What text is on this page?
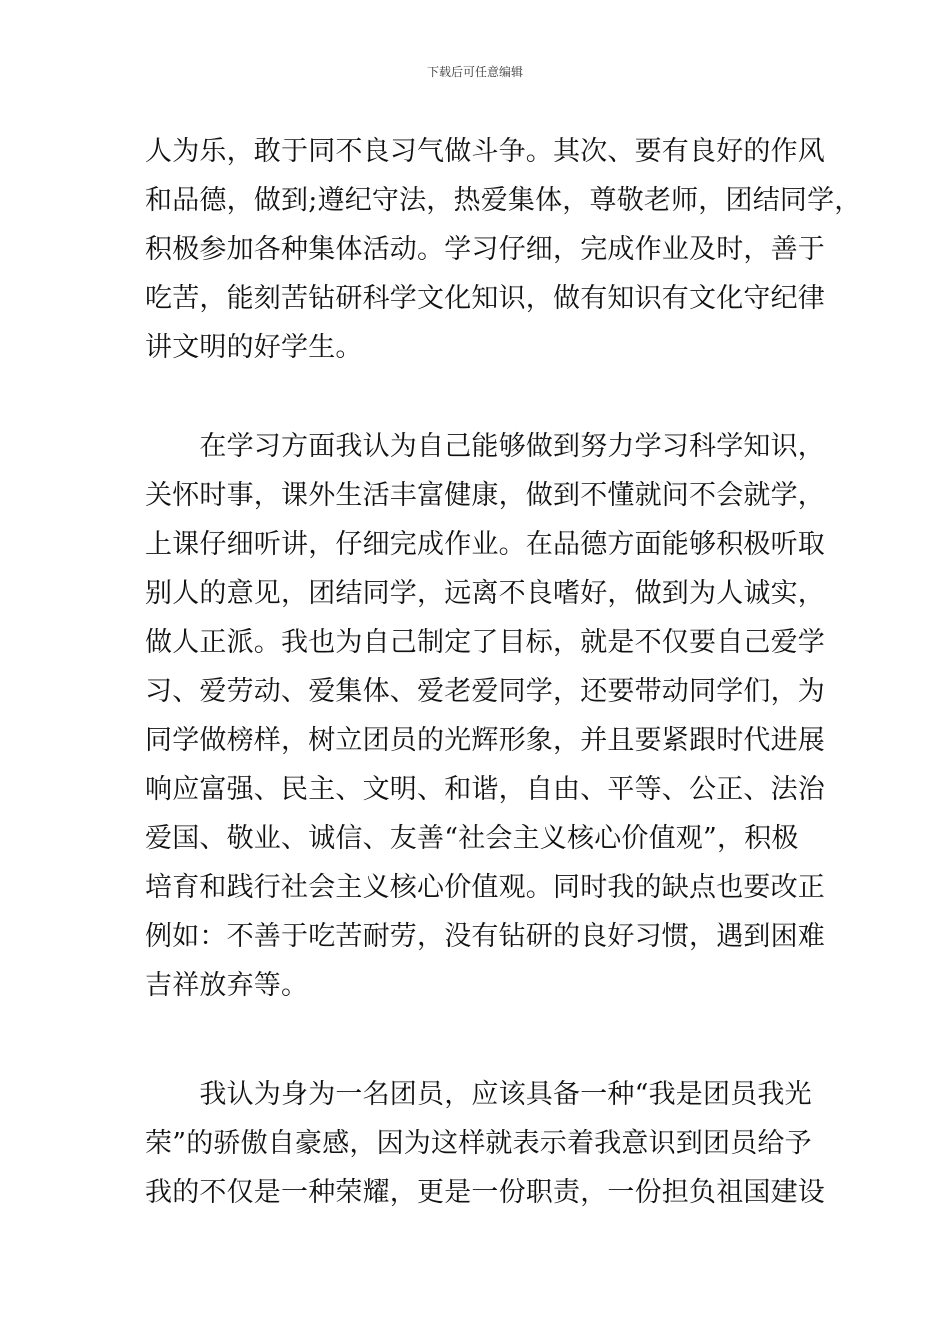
下载后可任意编辑
人为乐，敢于同不良习气做斗争。其次、要有良好的作风
和品德，做到;遵纪守法，热爱集体，尊敬老师，团结同学，
积极参加各种集体活动。学习仔细，完成作业及时，善于
吃苦，能刻苦钻研科学文化知识，做有知识有文化守纪律
讲文明的好学生。
　　在学习方面我认为自己能够做到努力学习科学知识，
关怀时事，课外生活丰富健康，做到不懂就问不会就学，
上课仔细听讲，仔细完成作业。在品德方面能够积极听取
别人的意见，团结同学，远离不良嗜好，做到为人诚实，
做人正派。我也为自己制定了目标，就是不仅要自己爱学
习、爱劳动、爱集体、爱老爱同学，还要带动同学们，为
同学做榜样，树立团员的光辉形象，并且要紧跟时代进展
响应富强、民主、文明、和谐，自由、平等、公正、法治
爱国、敬业、诚信、友善“社会主义核心价值观”，积极
培育和践行社会主义核心价值观。同时我的缺点也要改正
例如：不善于吃苦耐劳，没有钻研的良好习惯，遇到困难
吉祥放弃等。
　　我认为身为一名团员，应该具备一种“我是团员我光
荣”的骄傲自豪感，因为这样就表示着我意识到团员给予
我的不仅是一种荣耀，更是一份职责，一份担负祖国建设
